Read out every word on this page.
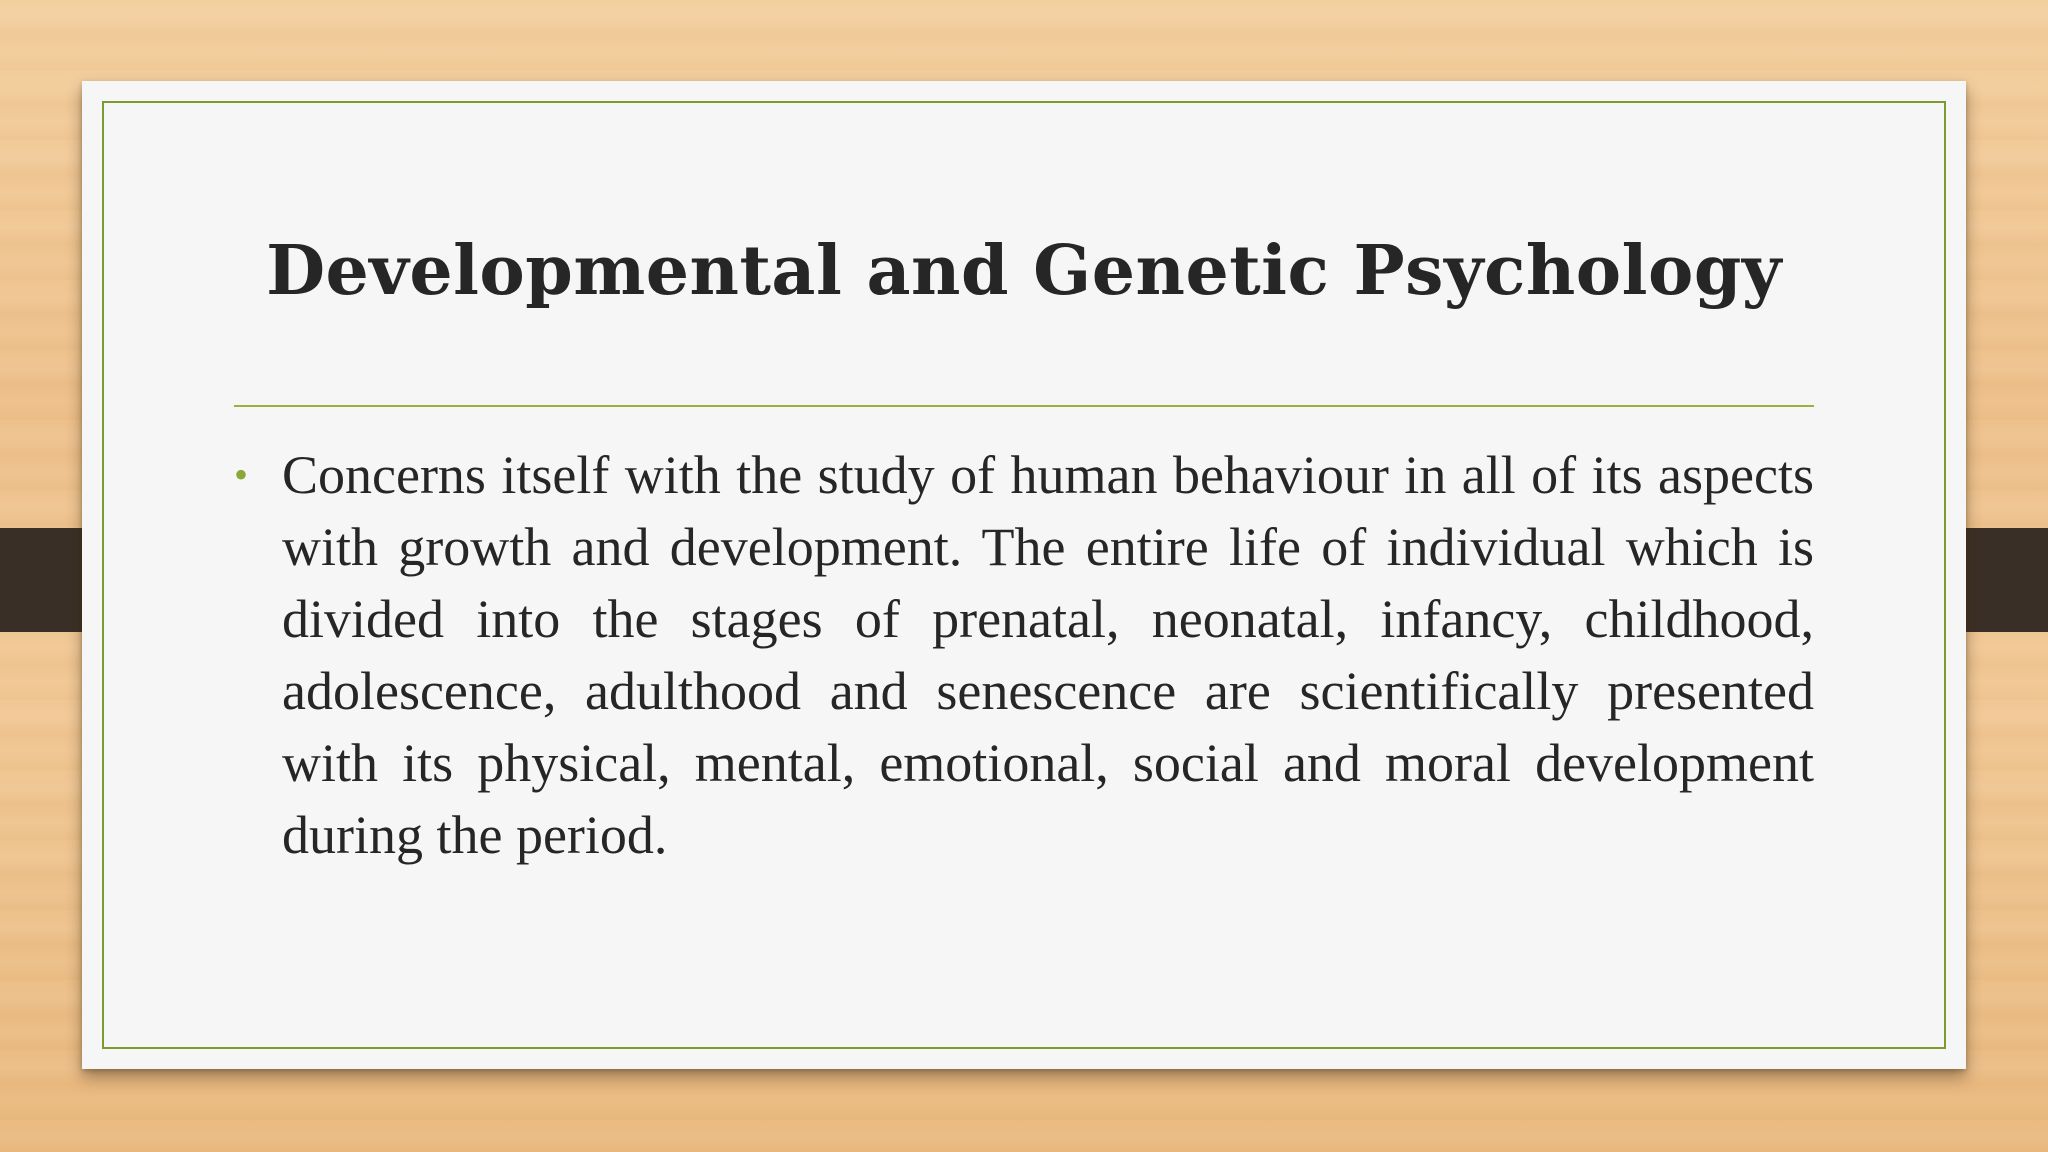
Developmental and Genetic Psychology
• Concerns itself with the study of human behaviour in all of its aspects with growth and development. The entire life of individual which is divided into the stages of prenatal, neonatal, infancy, childhood, adolescence, adulthood and senescence are scientifically presented with its physical, mental, emotional, social and moral development during the period.
